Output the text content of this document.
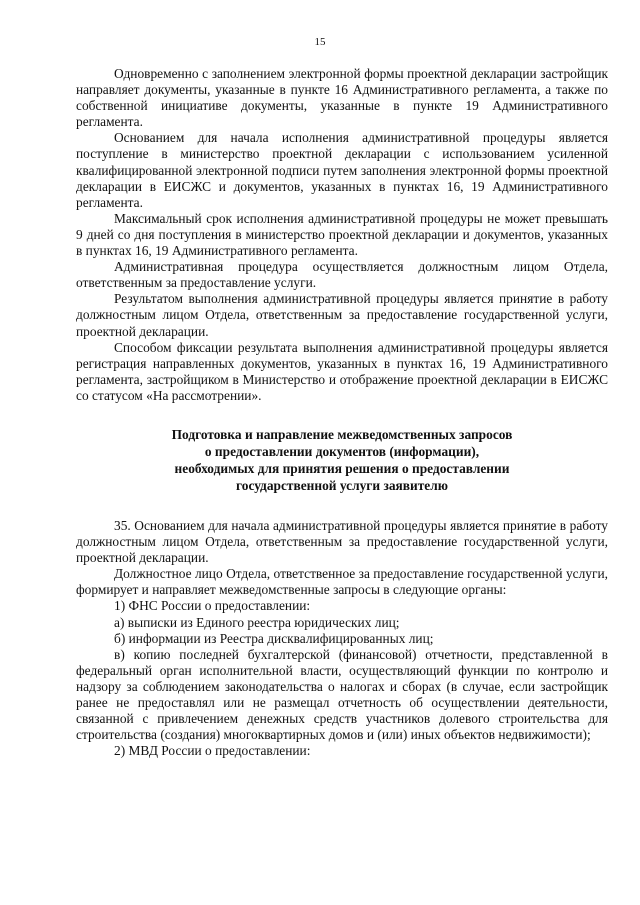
15

Одновременно с заполнением электронной формы проектной декларации застройщик направляет документы, указанные в пункте 16 Административного регламента, а также по собственной инициативе документы, указанные в пункте 19 Административного регламента.

Основанием для начала исполнения административной процедуры является поступление в министерство проектной декларации с использованием усиленной квалифицированной электронной подписи путем заполнения электронной формы проектной декларации в ЕИСЖС и документов, указанных в пунктах 16, 19 Административного регламента.

Максимальный срок исполнения административной процедуры не может превышать 9 дней со дня поступления в министерство проектной декларации и документов, указанных в пунктах 16, 19 Административного регламента.

Административная процедура осуществляется должностным лицом Отдела, ответственным за предоставление услуги.

Результатом выполнения административной процедуры является принятие в работу должностным лицом Отдела, ответственным за предоставление государственной услуги, проектной декларации.

Способом фиксации результата выполнения административной процедуры является регистрация направленных документов, указанных в пунктах 16, 19 Административного регламента, застройщиком в Министерство и отображение проектной декларации в ЕИСЖС со статусом «На рассмотрении».

Подготовка и направление межведомственных запросов
о предоставлении документов (информации),
необходимых для принятия решения о предоставлении
государственной услуги заявителю

35. Основанием для начала административной процедуры является принятие в работу должностным лицом Отдела, ответственным за предоставление государственной услуги, проектной декларации.

Должностное лицо Отдела, ответственное за предоставление государственной услуги, формирует и направляет межведомственные запросы в следующие органы:

1) ФНС России о предоставлении:

а) выписки из Единого реестра юридических лиц;

б) информации из Реестра дисквалифицированных лиц;

в) копию последней бухгалтерской (финансовой) отчетности, представленной в федеральный орган исполнительной власти, осуществляющий функции по контролю и надзору за соблюдением законодательства о налогах и сборах (в случае, если застройщик ранее не предоставлял или не размещал отчетность об осуществлении деятельности, связанной с привлечением денежных средств участников долевого строительства для строительства (создания) многоквартирных домов и (или) иных объектов недвижимости);

2) МВД России о предоставлении:
